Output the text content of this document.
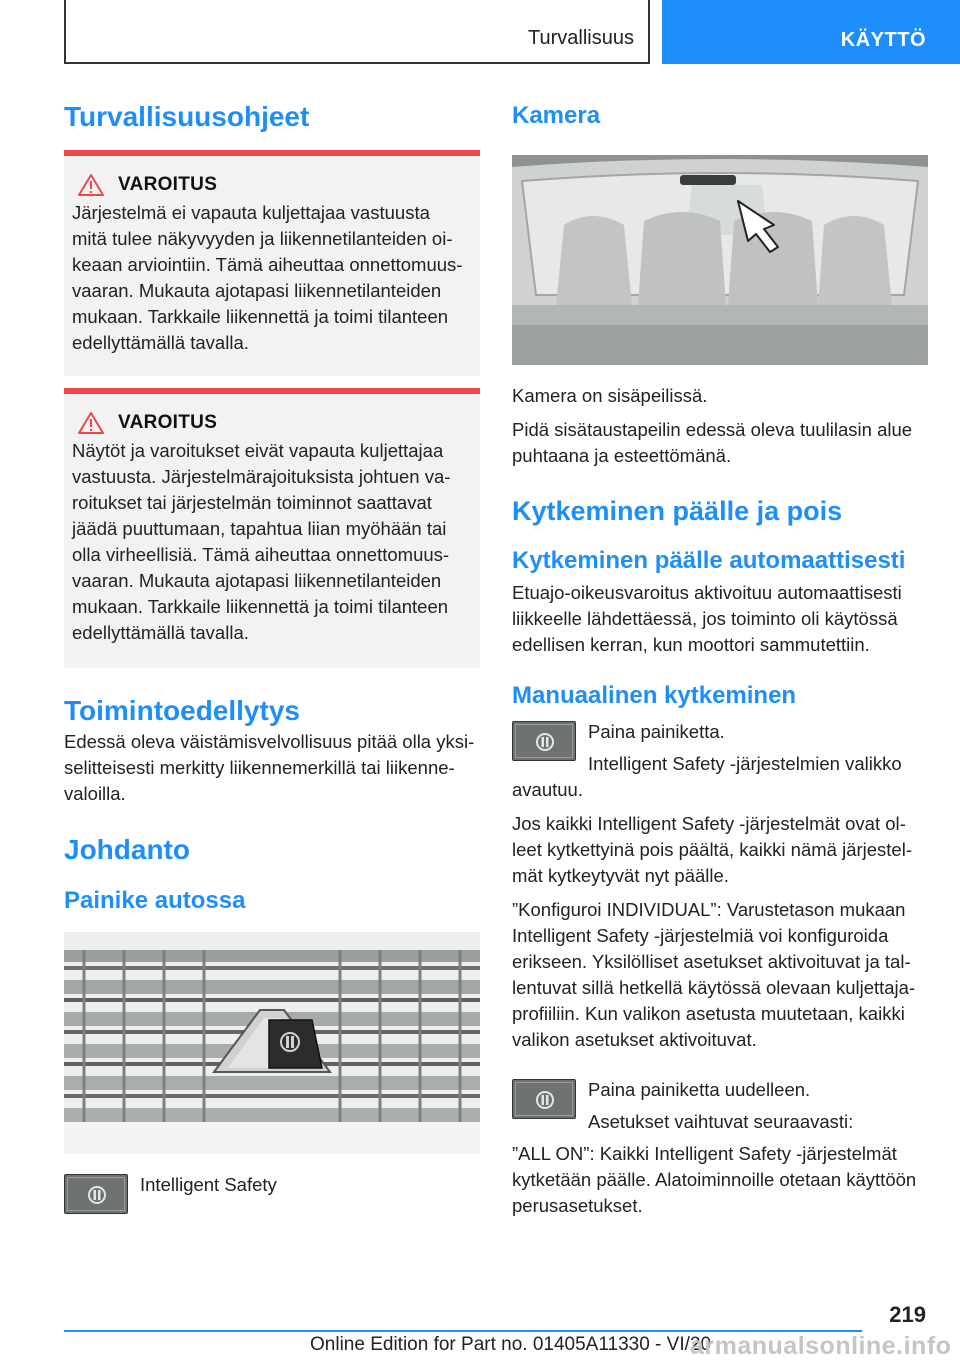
Turvallisuus	KÄYTTÖ
Turvallisuusohjeet
VAROITUS

Järjestelmä ei vapauta kuljettajaa vastuusta

mitä tulee näkyvyyden ja liikennetilanteiden oi-

keaan arviointiin. Tämä aiheuttaa onnettomuus-

vaaran. Mukauta ajotapasi liikennetilanteiden

mukaan. Tarkkaile liikennettä ja toimi tilanteen

edellyttämällä tavalla.

VAROITUS

Näytöt ja varoitukset eivät vapauta kuljettajaa

vastuusta. Järjestelmärajoituksista johtuen va-

roitukset tai järjestelmän toiminnot saattavat

jäädä puuttumaan, tapahtua liian myöhään tai

olla virheellisiä. Tämä aiheuttaa onnettomuus-

vaaran. Mukauta ajotapasi liikennetilanteiden

mukaan. Tarkkaile liikennettä ja toimi tilanteen

edellyttämällä tavalla.

Toimintoedellytys

Edessä oleva väistämisvelvollisuus pitää olla yksi-

selitteisesti merkitty liikennemerkillä tai liikenne-

valoilla.

Johdanto
Painike autossa

Intelligent Safety

Kamera

Kamera on sisäpeilissä.

Pidä sisätaustapeilin edessä oleva tuulilasin alue

puhtaana ja esteettömänä.

Kytkeminen päälle ja pois
Kytkeminen päälle automaattisesti

Etuajo-oikeusvaroitus aktivoituu automaattisesti

liikkeelle lähdettäessä, jos toiminto oli käytössä

edellisen kerran, kun moottori sammutettiin.

Manuaalinen kytkeminen

Paina painiketta.

Intelligent Safety -järjestelmien valikko

avautuu.

Jos kaikki Intelligent Safety -järjestelmät ovat ol-

leet kytkettyinä pois päältä, kaikki nämä järjestel-

mät kytkeytyvät nyt päälle.

”Konfiguroi INDIVIDUAL”: Varustetason mukaan

Intelligent Safety -järjestelmiä voi konfiguroida

erikseen. Yksilölliset asetukset aktivoituvat ja tal-

lentuvat sillä hetkellä käytössä olevaan kuljettaja-

profiiliin. Kun valikon asetusta muutetaan, kaikki

valikon asetukset aktivoituvat.

Paina painiketta uudelleen.

Asetukset vaihtuvat seuraavasti:

”ALL ON”: Kaikki Intelligent Safety -järjestelmät

kytketään päälle. Alatoiminnoille otetaan käyttöön

perusasetukset.

219
Online Edition for Part no. 01405A11330 - VI/20
armanualsonline.info
